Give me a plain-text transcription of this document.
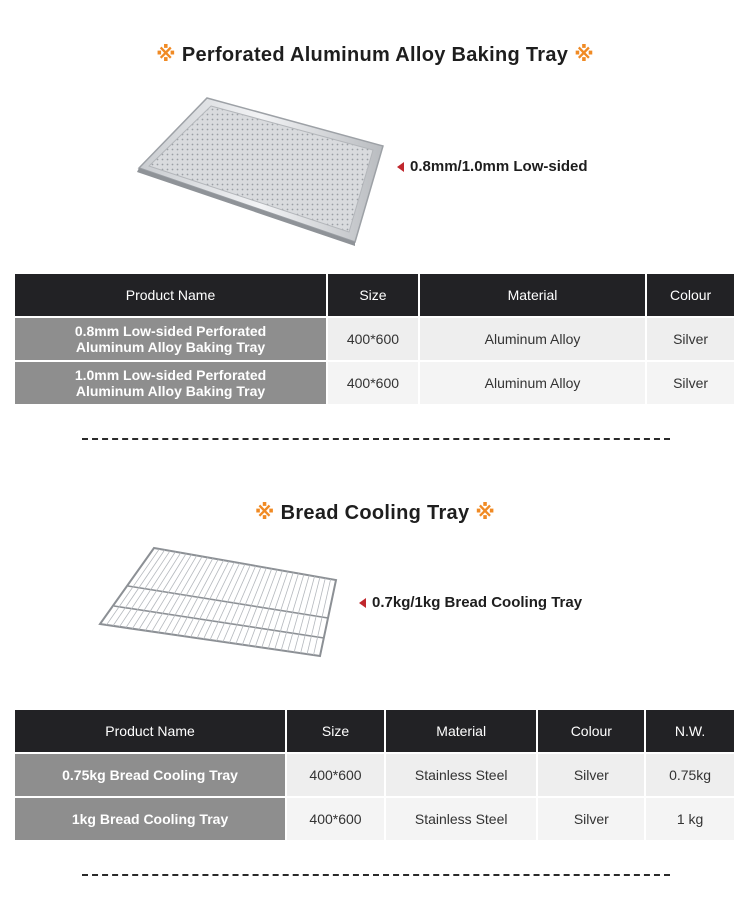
※ Perforated Aluminum Alloy Baking Tray ※
0.8mm/1.0mm Low-sided
Product Name	Size	Material	Colour
0.8mm Low-sided Perforated
Aluminum Alloy Baking Tray	400*600	Aluminum Alloy	Silver
1.0mm Low-sided Perforated
Aluminum Alloy Baking Tray	400*600	Aluminum Alloy	Silver
※ Bread Cooling Tray ※
0.7kg/1kg Bread Cooling Tray
Product Name	Size	Material	Colour	N.W.
0.75kg Bread Cooling Tray	400*600	Stainless Steel	Silver	0.75kg
1kg Bread Cooling Tray	400*600	Stainless Steel	Silver	1 kg
